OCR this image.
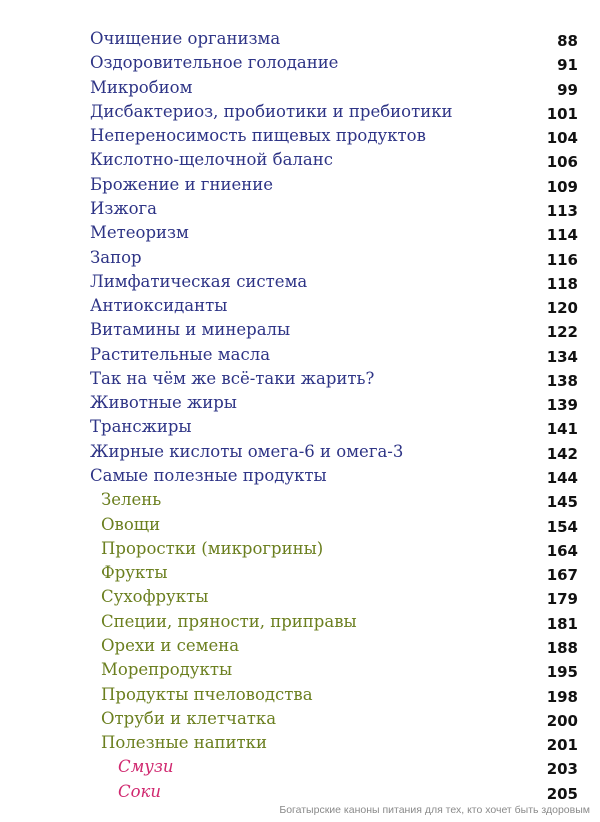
Очищение организма	88
Оздоровительное голодание	91
Микробиом	99
Дисбактериоз, пробиотики и пребиотики	101
Непереносимость пищевых продуктов	104
Кислотно-щелочной баланс	106
Брожение и гниение	109
Изжога	113
Метеоризм	114
Запор	116
Лимфатическая система	118
Антиоксиданты	120
Витамины и минералы	122
Растительные масла	134
Так на чём же всё-таки жарить?	138
Животные жиры	139
Трансжиры	141
Жирные кислоты омега-6 и омега-3	142
Самые полезные продукты	144
Зелень	145
Овощи	154
Проростки (микрогрины)	164
Фрукты	167
Сухофрукты	179
Специи, пряности, приправы	181
Орехи и семена	188
Морепродукты	195
Продукты пчеловодства	198
Отруби и клетчатка	200
Полезные напитки	201
Смузи	203
Соки	205
Богатырские каноны питания для тех, кто хочет быть здоровым
